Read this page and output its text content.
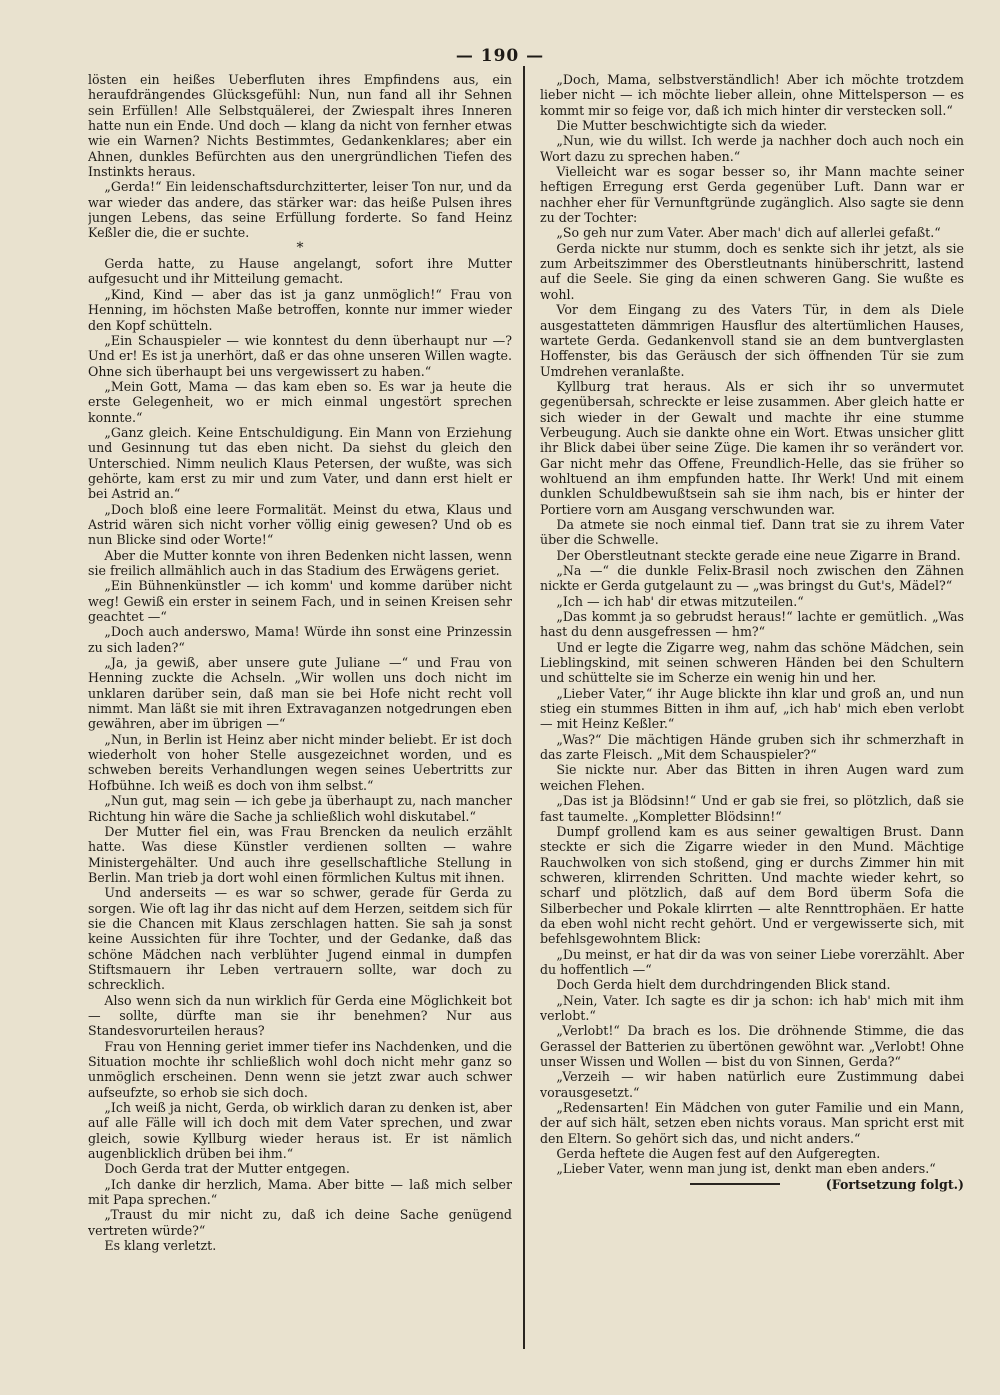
— 190 —

lösten ein heißes Ueberfluten ihres Empfindens aus, ein heraufdrängendes Glücksgefühl: Nun, nun fand all ihr Sehnen sein Erfüllen! Alle Selbstquälerei, der Zwiespalt ihres Inneren hatte nun ein Ende. Und doch — klang da nicht von fernher etwas wie ein Warnen? Nichts Bestimmtes, Gedankenklares; aber ein Ahnen, dunkles Befürchten aus den unergründlichen Tiefen des Instinkts heraus.

„Gerda!“ Ein leidenschaftsdurchzitterter, leiser Ton nur, und da war wieder das andere, das stärker war: das heiße Pulsen ihres jungen Lebens, das seine Erfüllung forderte. So fand Heinz Keßler die, die er suchte.

*

Gerda hatte, zu Hause angelangt, sofort ihre Mutter aufgesucht und ihr Mitteilung gemacht.

„Kind, Kind — aber das ist ja ganz unmöglich!“ Frau von Henning, im höchsten Maße betroffen, konnte nur immer wieder den Kopf schütteln.

„Ein Schauspieler — wie konntest du denn überhaupt nur —? Und er! Es ist ja unerhört, daß er das ohne unseren Willen wagte. Ohne sich überhaupt bei uns vergewissert zu haben.“

„Mein Gott, Mama — das kam eben so. Es war ja heute die erste Gelegenheit, wo er mich einmal ungestört sprechen konnte.“

„Ganz gleich. Keine Entschuldigung. Ein Mann von Erziehung und Gesinnung tut das eben nicht. Da siehst du gleich den Unterschied. Nimm neulich Klaus Petersen, der wußte, was sich gehörte, kam erst zu mir und zum Vater, und dann erst hielt er bei Astrid an.“

„Doch bloß eine leere Formalität. Meinst du etwa, Klaus und Astrid wären sich nicht vorher völlig einig gewesen? Und ob es nun Blicke sind oder Worte!“

Aber die Mutter konnte von ihren Bedenken nicht lassen, wenn sie freilich allmählich auch in das Stadium des Erwägens geriet.

„Ein Bühnenkünstler — ich komm' und komme darüber nicht weg! Gewiß ein erster in seinem Fach, und in seinen Kreisen sehr geachtet —“

„Doch auch anderswo, Mama! Würde ihn sonst eine Prinzessin zu sich laden?“

„Ja, ja gewiß, aber unsere gute Juliane —“ und Frau von Henning zuckte die Achseln. „Wir wollen uns doch nicht im unklaren darüber sein, daß man sie bei Hofe nicht recht voll nimmt. Man läßt sie mit ihren Extravaganzen notgedrungen eben gewähren, aber im übrigen —“

„Nun, in Berlin ist Heinz aber nicht minder beliebt. Er ist doch wiederholt von hoher Stelle ausgezeichnet worden, und es schweben bereits Verhandlungen wegen seines Uebertritts zur Hofbühne. Ich weiß es doch von ihm selbst.“

„Nun gut, mag sein — ich gebe ja überhaupt zu, nach mancher Richtung hin wäre die Sache ja schließlich wohl diskutabel.“

Der Mutter fiel ein, was Frau Brencken da neulich erzählt hatte. Was diese Künstler verdienen sollten — wahre Ministergehälter. Und auch ihre gesellschaftliche Stellung in Berlin. Man trieb ja dort wohl einen förmlichen Kultus mit ihnen.

Und anderseits — es war so schwer, gerade für Gerda zu sorgen. Wie oft lag ihr das nicht auf dem Herzen, seitdem sich für sie die Chancen mit Klaus zerschlagen hatten. Sie sah ja sonst keine Aussichten für ihre Tochter, und der Gedanke, daß das schöne Mädchen nach verblühter Jugend einmal in dumpfen Stiftsmauern ihr Leben vertrauern sollte, war doch zu schrecklich.

Also wenn sich da nun wirklich für Gerda eine Möglichkeit bot — sollte, dürfte man sie ihr benehmen? Nur aus Standesvorurteilen heraus?

Frau von Henning geriet immer tiefer ins Nachdenken, und die Situation mochte ihr schließlich wohl doch nicht mehr ganz so unmöglich erscheinen. Denn wenn sie jetzt zwar auch schwer aufseufzte, so erhob sie sich doch.

„Ich weiß ja nicht, Gerda, ob wirklich daran zu denken ist, aber auf alle Fälle will ich doch mit dem Vater sprechen, und zwar gleich, sowie Kyllburg wieder heraus ist. Er ist nämlich augenblicklich drüben bei ihm.“

Doch Gerda trat der Mutter entgegen.

„Ich danke dir herzlich, Mama. Aber bitte — laß mich selber mit Papa sprechen.“

„Traust du mir nicht zu, daß ich deine Sache genügend vertreten würde?“

Es klang verletzt.

„Doch, Mama, selbstverständlich! Aber ich möchte trotzdem lieber nicht — ich möchte lieber allein, ohne Mittelsperson — es kommt mir so feige vor, daß ich mich hinter dir verstecken soll.“

Die Mutter beschwichtigte sich da wieder.

„Nun, wie du willst. Ich werde ja nachher doch auch noch ein Wort dazu zu sprechen haben.“

Vielleicht war es sogar besser so, ihr Mann machte seiner heftigen Erregung erst Gerda gegenüber Luft. Dann war er nachher eher für Vernunftgründe zugänglich. Also sagte sie denn zu der Tochter:

„So geh nur zum Vater. Aber mach' dich auf allerlei gefaßt.“

Gerda nickte nur stumm, doch es senkte sich ihr jetzt, als sie zum Arbeitszimmer des Oberstleutnants hinüberschritt, lastend auf die Seele. Sie ging da einen schweren Gang. Sie wußte es wohl.

Vor dem Eingang zu des Vaters Tür, in dem als Diele ausgestatteten dämmrigen Hausflur des altertümlichen Hauses, wartete Gerda. Gedankenvoll stand sie an dem buntverglasten Hoffenster, bis das Geräusch der sich öffnenden Tür sie zum Umdrehen veranlaßte.

Kyllburg trat heraus. Als er sich ihr so unvermutet gegenübersah, schreckte er leise zusammen. Aber gleich hatte er sich wieder in der Gewalt und machte ihr eine stumme Verbeugung. Auch sie dankte ohne ein Wort. Etwas unsicher glitt ihr Blick dabei über seine Züge. Die kamen ihr so verändert vor. Gar nicht mehr das Offene, Freundlich-Helle, das sie früher so wohltuend an ihm empfunden hatte. Ihr Werk! Und mit einem dunklen Schuldbewußtsein sah sie ihm nach, bis er hinter der Portiere vorn am Ausgang verschwunden war.

Da atmete sie noch einmal tief. Dann trat sie zu ihrem Vater über die Schwelle.

Der Oberstleutnant steckte gerade eine neue Zigarre in Brand.

„Na —“ die dunkle Felix-Brasil noch zwischen den Zähnen nickte er Gerda gutgelaunt zu — „was bringst du Gut's, Mädel?“

„Ich — ich hab' dir etwas mitzuteilen.“

„Das kommt ja so gebrudst heraus!“ lachte er gemütlich. „Was hast du denn ausgefressen — hm?“

Und er legte die Zigarre weg, nahm das schöne Mädchen, sein Lieblingskind, mit seinen schweren Händen bei den Schultern und schüttelte sie im Scherze ein wenig hin und her.

„Lieber Vater,“ ihr Auge blickte ihn klar und groß an, und nun stieg ein stummes Bitten in ihm auf, „ich hab' mich eben verlobt — mit Heinz Keßler.“

„Was?“ Die mächtigen Hände gruben sich ihr schmerzhaft in das zarte Fleisch. „Mit dem Schauspieler?“

Sie nickte nur. Aber das Bitten in ihren Augen ward zum weichen Flehen.

„Das ist ja Blödsinn!“ Und er gab sie frei, so plötzlich, daß sie fast taumelte. „Kompletter Blödsinn!“

Dumpf grollend kam es aus seiner gewaltigen Brust. Dann steckte er sich die Zigarre wieder in den Mund. Mächtige Rauchwolken von sich stoßend, ging er durchs Zimmer hin mit schweren, klirrenden Schritten. Und machte wieder kehrt, so scharf und plötzlich, daß auf dem Bord überm Sofa die Silberbecher und Pokale klirrten — alte Rennttrophäen. Er hatte da eben wohl nicht recht gehört. Und er vergewisserte sich, mit befehlsgewohntem Blick:

„Du meinst, er hat dir da was von seiner Liebe vorerzählt. Aber du hoffentlich —“

Doch Gerda hielt dem durchdringenden Blick stand.

„Nein, Vater. Ich sagte es dir ja schon: ich hab' mich mit ihm verlobt.“

„Verlobt!“ Da brach es los. Die dröhnende Stimme, die das Gerassel der Batterien zu übertönen gewöhnt war. „Verlobt! Ohne unser Wissen und Wollen — bist du von Sinnen, Gerda?“

„Verzeih — wir haben natürlich eure Zustimmung dabei vorausgesetzt.“

„Redensarten! Ein Mädchen von guter Familie und ein Mann, der auf sich hält, setzen eben nichts voraus. Man spricht erst mit den Eltern. So gehört sich das, und nicht anders.“

Gerda heftete die Augen fest auf den Aufgeregten.

„Lieber Vater, wenn man jung ist, denkt man eben anders.“

(Fortsetzung folgt.)
